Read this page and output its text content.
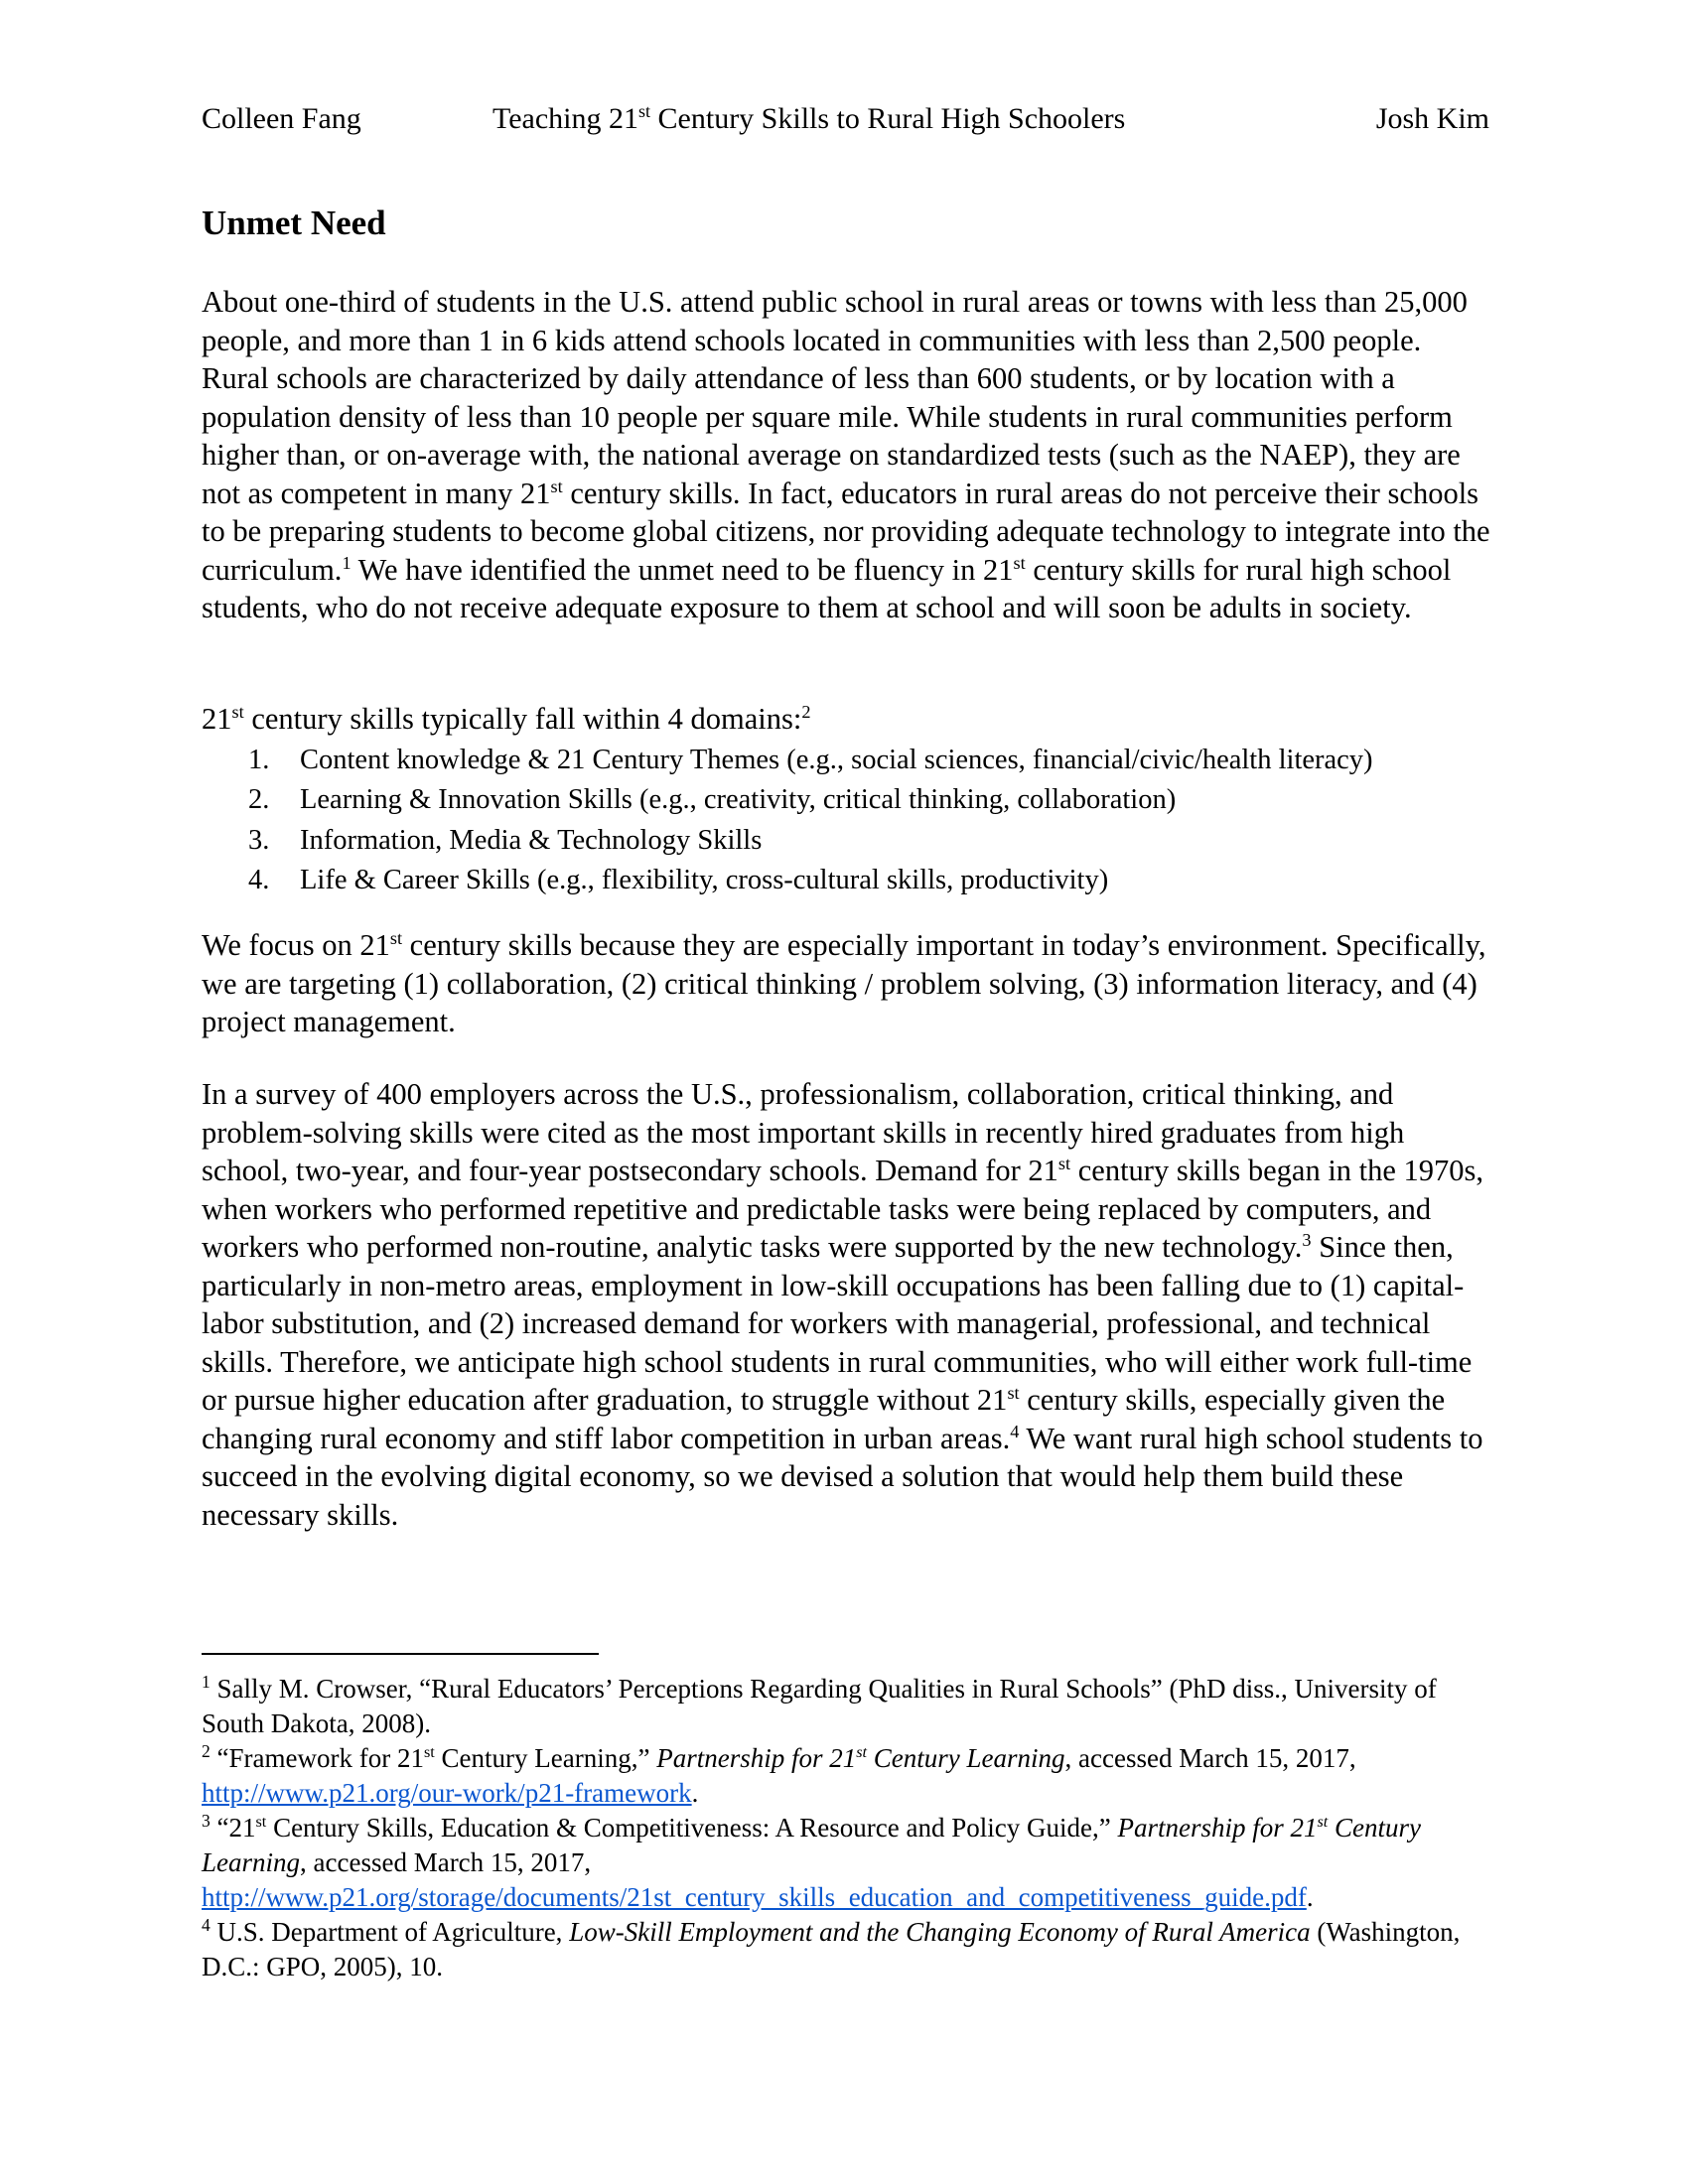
Colleen Fang	Teaching 21st Century Skills to Rural High Schoolers	Josh Kim
Unmet Need

About one-third of students in the U.S. attend public school in rural areas or towns with less than 25,000 people, and more than 1 in 6 kids attend schools located in communities with less than 2,500 people. Rural schools are characterized by daily attendance of less than 600 students, or by location with a population density of less than 10 people per square mile. While students in rural communities perform higher than, or on-average with, the national average on standardized tests (such as the NAEP), they are not as competent in many 21st century skills. In fact, educators in rural areas do not perceive their schools to be preparing students to become global citizens, nor providing adequate technology to integrate into the curriculum.$^1$ We have identified the unmet need to be fluency in 21st century skills for rural high school students, who do not receive adequate exposure to them at school and will soon be adults in society.

21st century skills typically fall within 4 domains:$^2$

1. Content knowledge & 21 Century Themes (e.g., social sciences, financial/civic/health literacy)
2. Learning & Innovation Skills (e.g., creativity, critical thinking, collaboration)
3. Information, Media & Technology Skills
4. Life & Career Skills (e.g., flexibility, cross-cultural skills, productivity)

We focus on 21st century skills because they are especially important in today’s environment. Specifically, we are targeting (1) collaboration, (2) critical thinking / problem solving, (3) information literacy, and (4) project management.

In a survey of 400 employers across the U.S., professionalism, collaboration, critical thinking, and problem-solving skills were cited as the most important skills in recently hired graduates from high school, two-year, and four-year postsecondary schools. Demand for 21st century skills began in the 1970s, when workers who performed repetitive and predictable tasks were being replaced by computers, and workers who performed non-routine, analytic tasks were supported by the new technology.$^3$ Since then, particularly in non-metro areas, employment in low-skill occupations has been falling due to (1) capital-labor substitution, and (2) increased demand for workers with managerial, professional, and technical skills. Therefore, we anticipate high school students in rural communities, who will either work full-time or pursue higher education after graduation, to struggle without 21st century skills, especially given the changing rural economy and stiff labor competition in urban areas.$^4$ We want rural high school students to succeed in the evolving digital economy, so we devised a solution that would help them build these necessary skills.

$^1$ Sally M. Crowser, “Rural Educators’ Perceptions Regarding Qualities in Rural Schools” (PhD diss., University of South Dakota, 2008).

$^2$ “Framework for 21st Century Learning,” Partnership for 21st Century Learning, accessed March 15, 2017, http://www.p21.org/our-work/p21-framework.

$^3$ “21st Century Skills, Education & Competitiveness: A Resource and Policy Guide,” Partnership for 21st Century Learning, accessed March 15, 2017,
http://www.p21.org/storage/documents/21st_century_skills_education_and_competitiveness_guide.pdf.

$^4$ U.S. Department of Agriculture, Low-Skill Employment and the Changing Economy of Rural America (Washington, D.C.: GPO, 2005), 10.
